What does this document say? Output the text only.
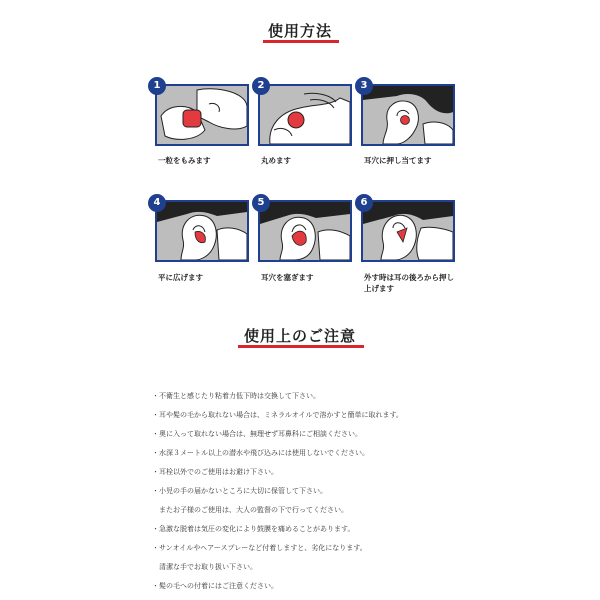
使用方法
1
一粒をもみます
2
丸めます
3
耳穴に押し当てます
4
平に広げます
5
耳穴を塞ぎます
6
外す時は耳の後ろから押し上げます
使用上のご注意
・不衛生と感じたり粘着力低下時は交換して下さい。
・耳や髪の毛から取れない場合は、ミネラルオイルで溶かすと簡単に取れます。
・奥に入って取れない場合は、無理せず耳鼻科にご相談ください。
・水深３メートル以上の潜水や飛び込みには使用しないでください。
・耳栓以外でのご使用はお避け下さい。
・小児の手の届かないところに大切に保管して下さい。
　またお子様のご使用は、大人の監督の下で行ってください。
・急激な脱着は気圧の変化により鼓膜を痛めることがあります。
・サンオイルやヘアースプレーなど付着しますと、劣化になります。
　清潔な手でお取り扱い下さい。
・髪の毛への付着にはご注意ください。
